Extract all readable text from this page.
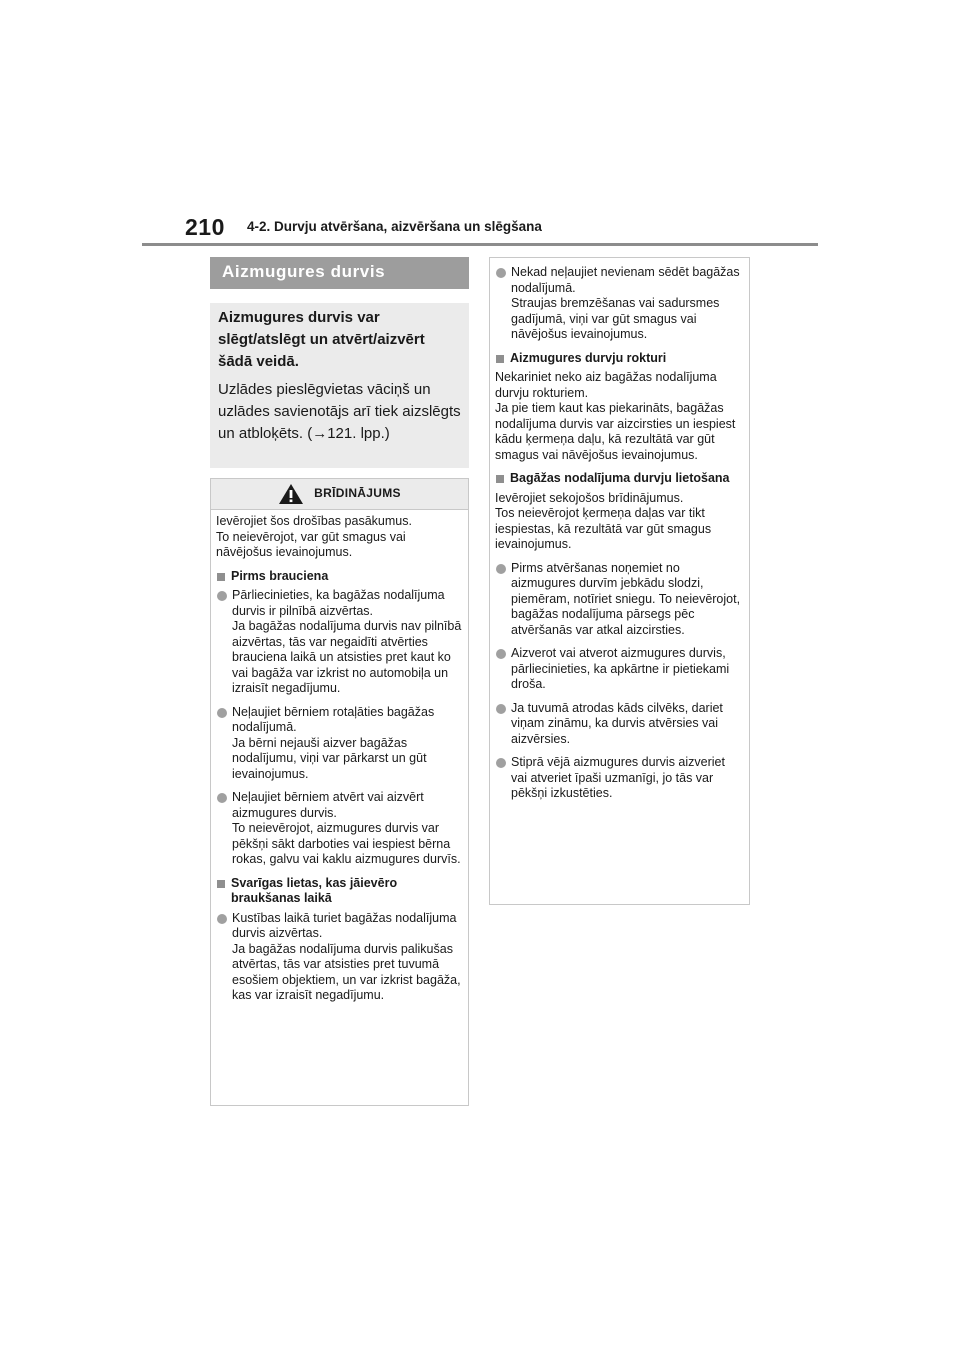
210 4-2. Durvju atvēršana, aizvēršana un slēgšana
Aizmugures durvis

Aizmugures durvis var slēgt/atslēgt un atvērt/aizvērt šādā veidā.

Uzlādes pieslēgvietas vāciņš un uzlādes savienotājs arī tiek aizslēgts un atbloķēts. (→121. lpp.)

BRĪDINĀJUMS

Ievērojiet šos drošības pasākumus.
To neievērojot, var gūt smagus vai nāvējošus ievainojumus.

Pirms brauciena
Pārliecinieties, ka bagāžas nodalījuma durvis ir pilnībā aizvērtas.
Ja bagāžas nodalījuma durvis nav pilnībā aizvērtas, tās var negaidīti atvērties brauciena laikā un atsisties pret kaut ko vai bagāža var izkrist no automobiļa un izraisīt negadījumu.
Neļaujiet bērniem rotaļāties bagāžas nodalījumā.
Ja bērni nejauši aizver bagāžas nodalījumu, viņi var pārkarst un gūt ievainojumus.
Neļaujiet bērniem atvērt vai aizvērt aizmugures durvis.
To neievērojot, aizmugures durvis var pēkšņi sākt darboties vai iespiest bērna rokas, galvu vai kaklu aizmugures durvīs.
Svarīgas lietas, kas jāievēro braukšanas laikā
Kustības laikā turiet bagāžas nodalījuma durvis aizvērtas.
Ja bagāžas nodalījuma durvis palikušas atvērtas, tās var atsisties pret tuvumā esošiem objektiem, un var izkrist bagāža, kas var izraisīt negadījumu.
Nekad neļaujiet nevienam sēdēt bagāžas nodalījumā.
Straujas bremzēšanas vai sadursmes gadījumā, viņi var gūt smagus vai nāvējošus ievainojumus.
Aizmugures durvju rokturi

Nekariniet neko aiz bagāžas nodalījuma durvju rokturiem.
Ja pie tiem kaut kas piekarināts, bagāžas nodalījuma durvis var aizcirsties un iespiest kādu ķermeņa daļu, kā rezultātā var gūt smagus vai nāvējošus ievainojumus.

Bagāžas nodalījuma durvju lietošana

Ievērojiet sekojošos brīdinājumus.
Tos neievērojot ķermeņa daļas var tikt iespiestas, kā rezultātā var gūt smagus ievainojumus.

Pirms atvēršanas noņemiet no aizmugures durvīm jebkādu slodzi, piemēram, notīriet sniegu. To neievērojot, bagāžas nodalījuma pārsegs pēc atvēršanās var atkal aizcirsties.
Aizverot vai atverot aizmugures durvis, pārliecinieties, ka apkārtne ir pietiekami droša.
Ja tuvumā atrodas kāds cilvēks, dariet viņam zināmu, ka durvis atvērsies vai aizvērsies.
Stiprā vējā aizmugures durvis aizveriet vai atveriet īpaši uzmanīgi, jo tās var pēkšņi izkustēties.
